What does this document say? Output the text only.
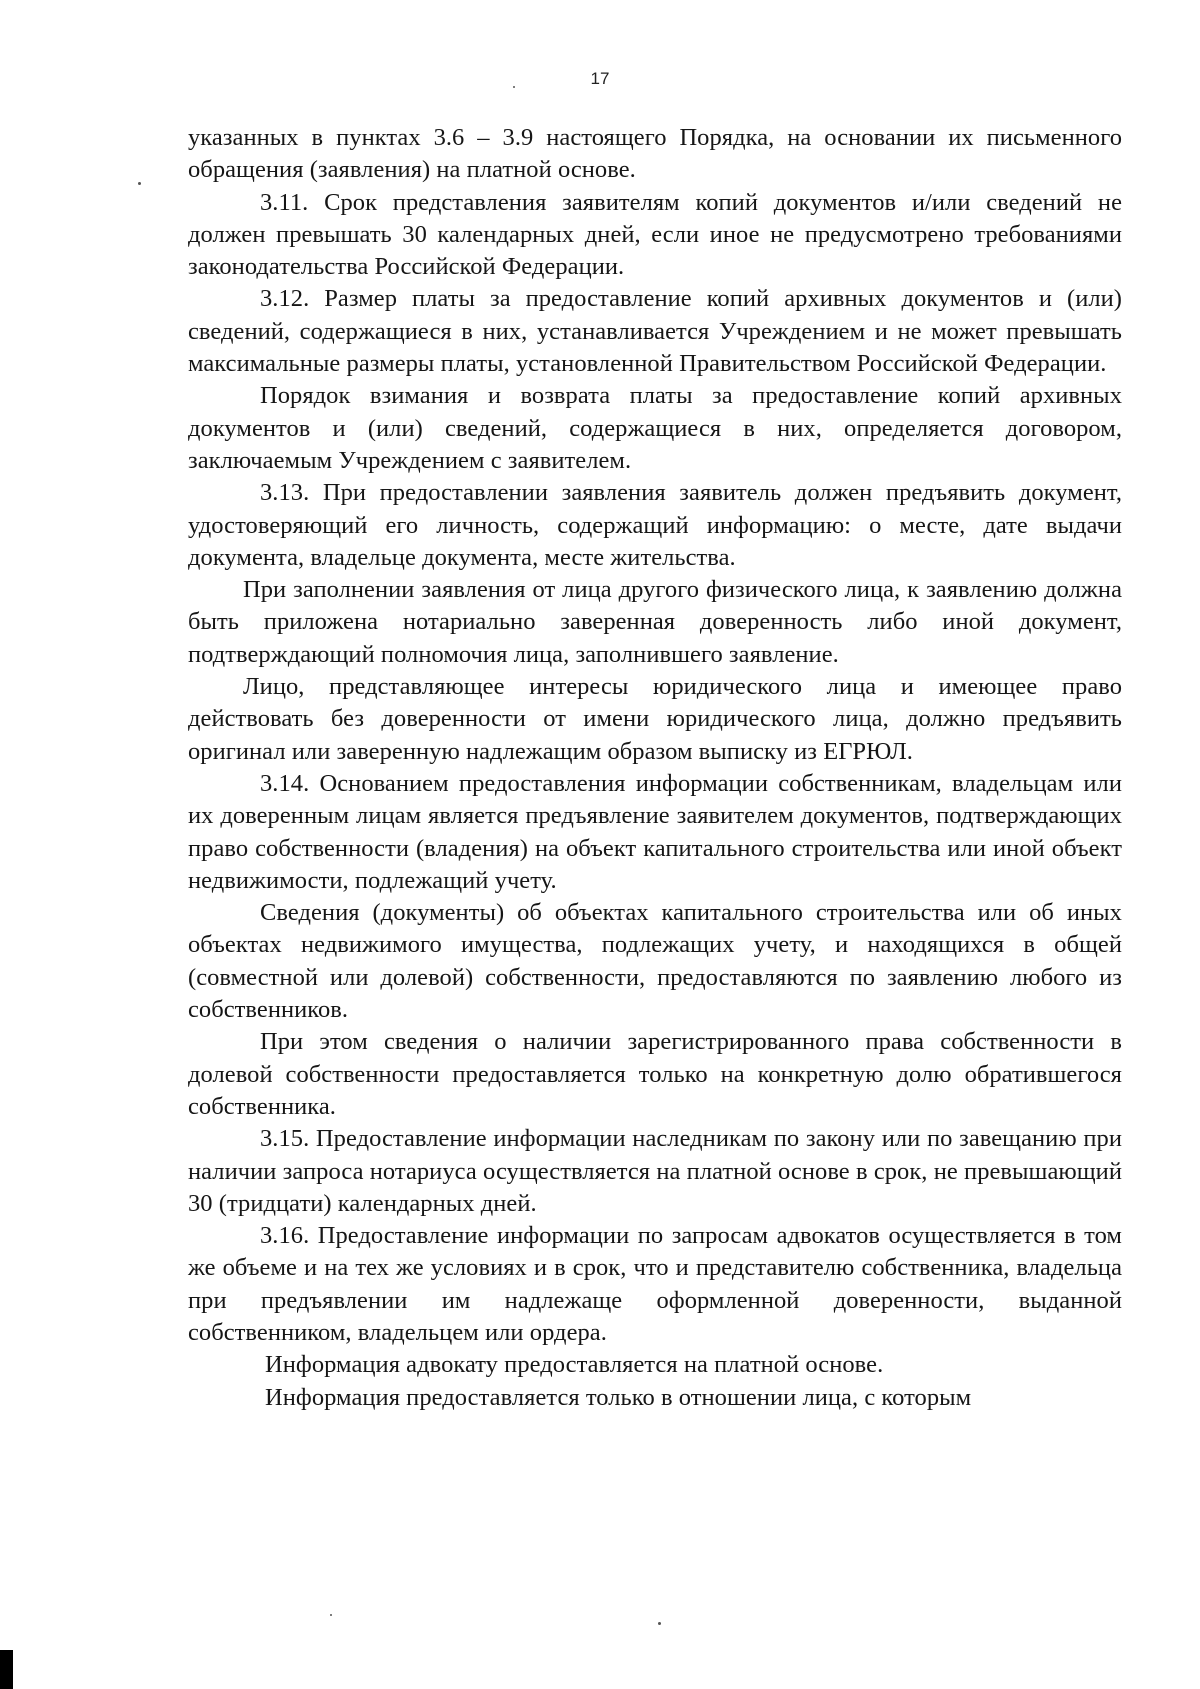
17

указанных в пунктах 3.6 – 3.9 настоящего Порядка, на основании их письменного обращения (заявления) на платной основе.

3.11. Срок представления заявителям копий документов и/или сведений не должен превышать 30 календарных дней, если иное не предусмотрено требованиями законодательства Российской Федерации.

3.12. Размер платы за предоставление копий архивных документов и (или) сведений, содержащиеся в них, устанавливается Учреждением и не может превышать максимальные размеры платы, установленной Правительством Российской Федерации.

Порядок взимания и возврата платы за предоставление копий архивных документов и (или) сведений, содержащиеся в них, определяется договором, заключаемым Учреждением с заявителем.

3.13. При предоставлении заявления заявитель должен предъявить документ, удостоверяющий его личность, содержащий информацию: о месте, дате выдачи документа, владельце документа, месте жительства.

При заполнении заявления от лица другого физического лица, к заявлению должна быть приложена нотариально заверенная доверенность либо иной документ, подтверждающий полномочия лица, заполнившего заявление.

Лицо, представляющее интересы юридического лица и имеющее право действовать без доверенности от имени юридического лица, должно предъявить оригинал или заверенную надлежащим образом выписку из ЕГРЮЛ.

3.14. Основанием предоставления информации собственникам, владельцам или их доверенным лицам является предъявление заявителем документов, подтверждающих право собственности (владения) на объект капитального строительства или иной объект недвижимости, подлежащий учету.

Сведения (документы) об объектах капитального строительства или об иных объектах недвижимого имущества, подлежащих учету, и находящихся в общей (совместной или долевой) собственности, предоставляются по заявлению любого из собственников.

При этом сведения о наличии зарегистрированного права собственности в долевой собственности предоставляется только на конкретную долю обратившегося собственника.

3.15. Предоставление информации наследникам по закону или по завещанию при наличии запроса нотариуса осуществляется на платной основе в срок, не превышающий 30 (тридцати) календарных дней.

3.16. Предоставление информации по запросам адвокатов осуществляется в том же объеме и на тех же условиях и в срок, что и представителю собственника, владельца при предъявлении им надлежаще оформленной доверенности, выданной собственником, владельцем или ордера.

Информация адвокату предоставляется на платной основе.

Информация предоставляется только в отношении лица, с которым
